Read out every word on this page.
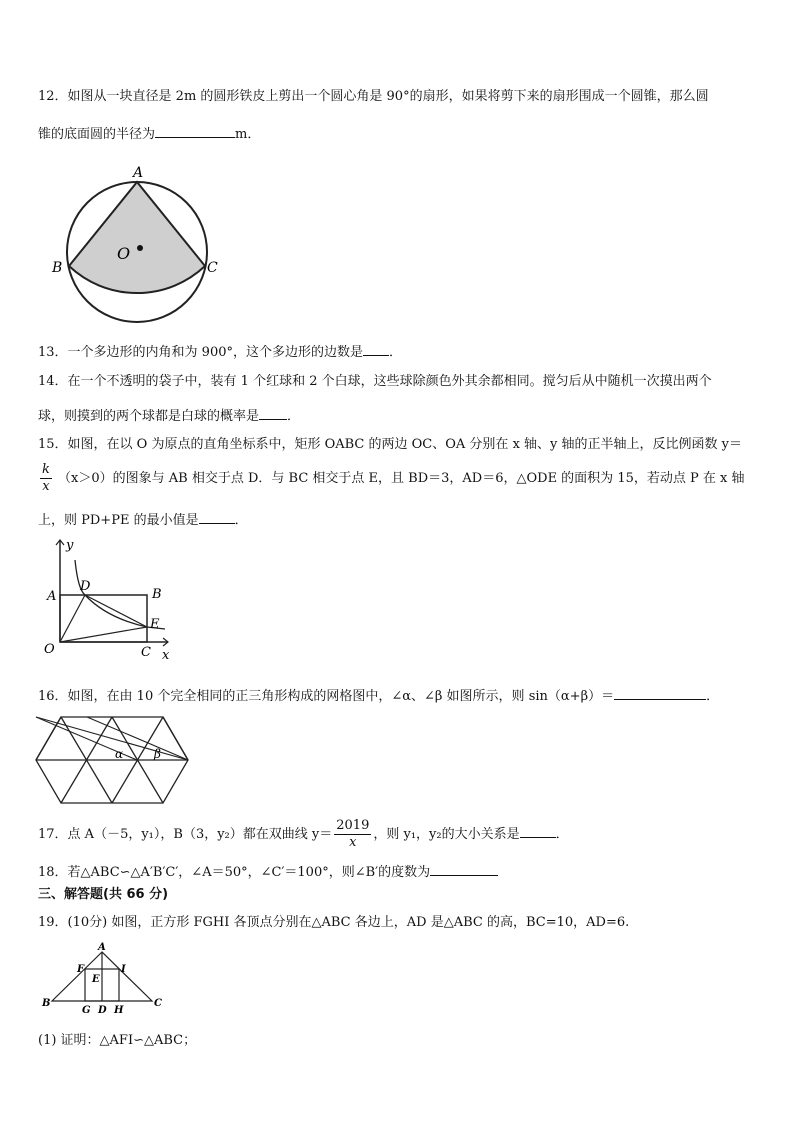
12．如图从一块直径是 2m 的圆形铁皮上剪出一个圆心角是 90°的扇形，如果将剪下来的扇形围成一个圆锥，那么圆
锥的底面圆的半径为	m．
A
B	C
O
13．一个多边形的内角和为 900°，这个多边形的边数是 ．
14．在一个不透明的袋子中，装有 1 个红球和 2 个白球，这些球除颜色外其余都相同。搅匀后从中随机一次摸出两个
球，则摸到的两个球都是白球的概率是 ．
15．如图，在以 O 为原点的直角坐标系中，矩形 OABC 的两边 OC、OA 分别在 x 轴、y 轴的正半轴上，反比例函数 y＝
$\frac{k}{x} (x>0)$的图象与 AB 相交于点 D．与 BC 相交于点 E，且 BD＝3，AD＝6，△ODE 的面积为 15，若动点 P 在 x 轴
上，则 PD+PE 的最小值是	．
y
x
A	B
C
D
E
O
16．如图，在由 10 个完全相同的正三角形构成的网格图中，∠α、∠β 如图所示，则 sin（α+β）＝	．
α	β
17．点 A（－5，y₁），B（3，y₂）都在双曲线 $y= \frac{2019}{x}$ ，则 y₁，y₂的大小关系是	．
18．若△ABC∽△A′B′C′，∠A＝50°，∠C′＝100°，则∠B′的度数为
三、解答题(共 66 分)
19．(10分) 如图，正方形 FGHI 各顶点分别在△ABC 各边上，AD 是△ABC 的高，BC=10，AD=6.
A
B	C
D
E
F
G H
I
(1) 证明：△AFI∽△ABC；
